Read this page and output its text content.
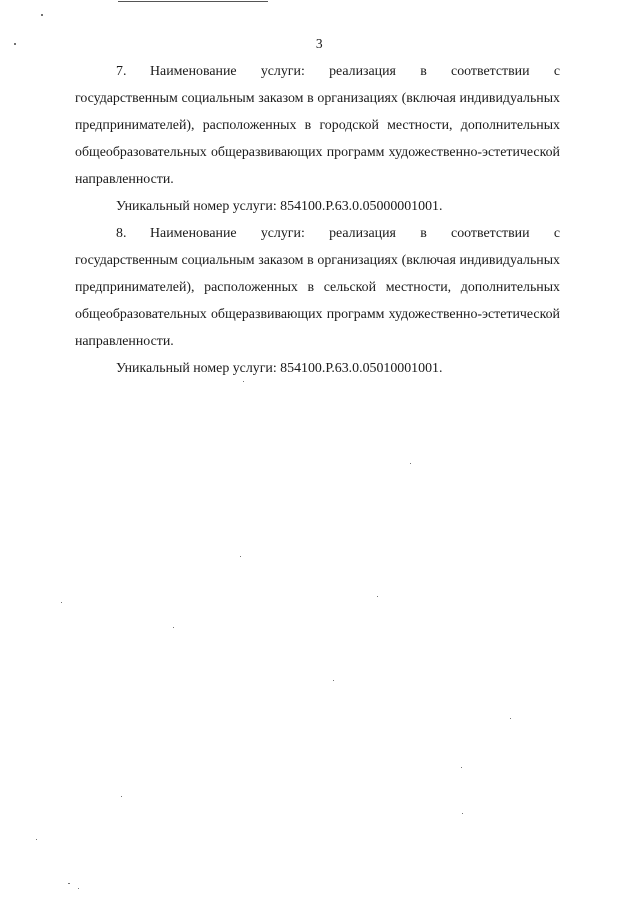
3

7. Наименование услуги: реализация в соответствии с государственным социальным заказом в организациях (включая индивидуальных предпринимателей), расположенных в городской местности, дополнительных общеобразовательных общеразвивающих программ художественно-эстетической направленности.

Уникальный номер услуги: 854100.Р.63.0.05000001001.

8. Наименование услуги: реализация в соответствии с государственным социальным заказом в организациях (включая индивидуальных предпринимателей), расположенных в сельской местности, дополнительных общеобразовательных общеразвивающих программ художественно-эстетической направленности.

Уникальный номер услуги: 854100.Р.63.0.05010001001.
